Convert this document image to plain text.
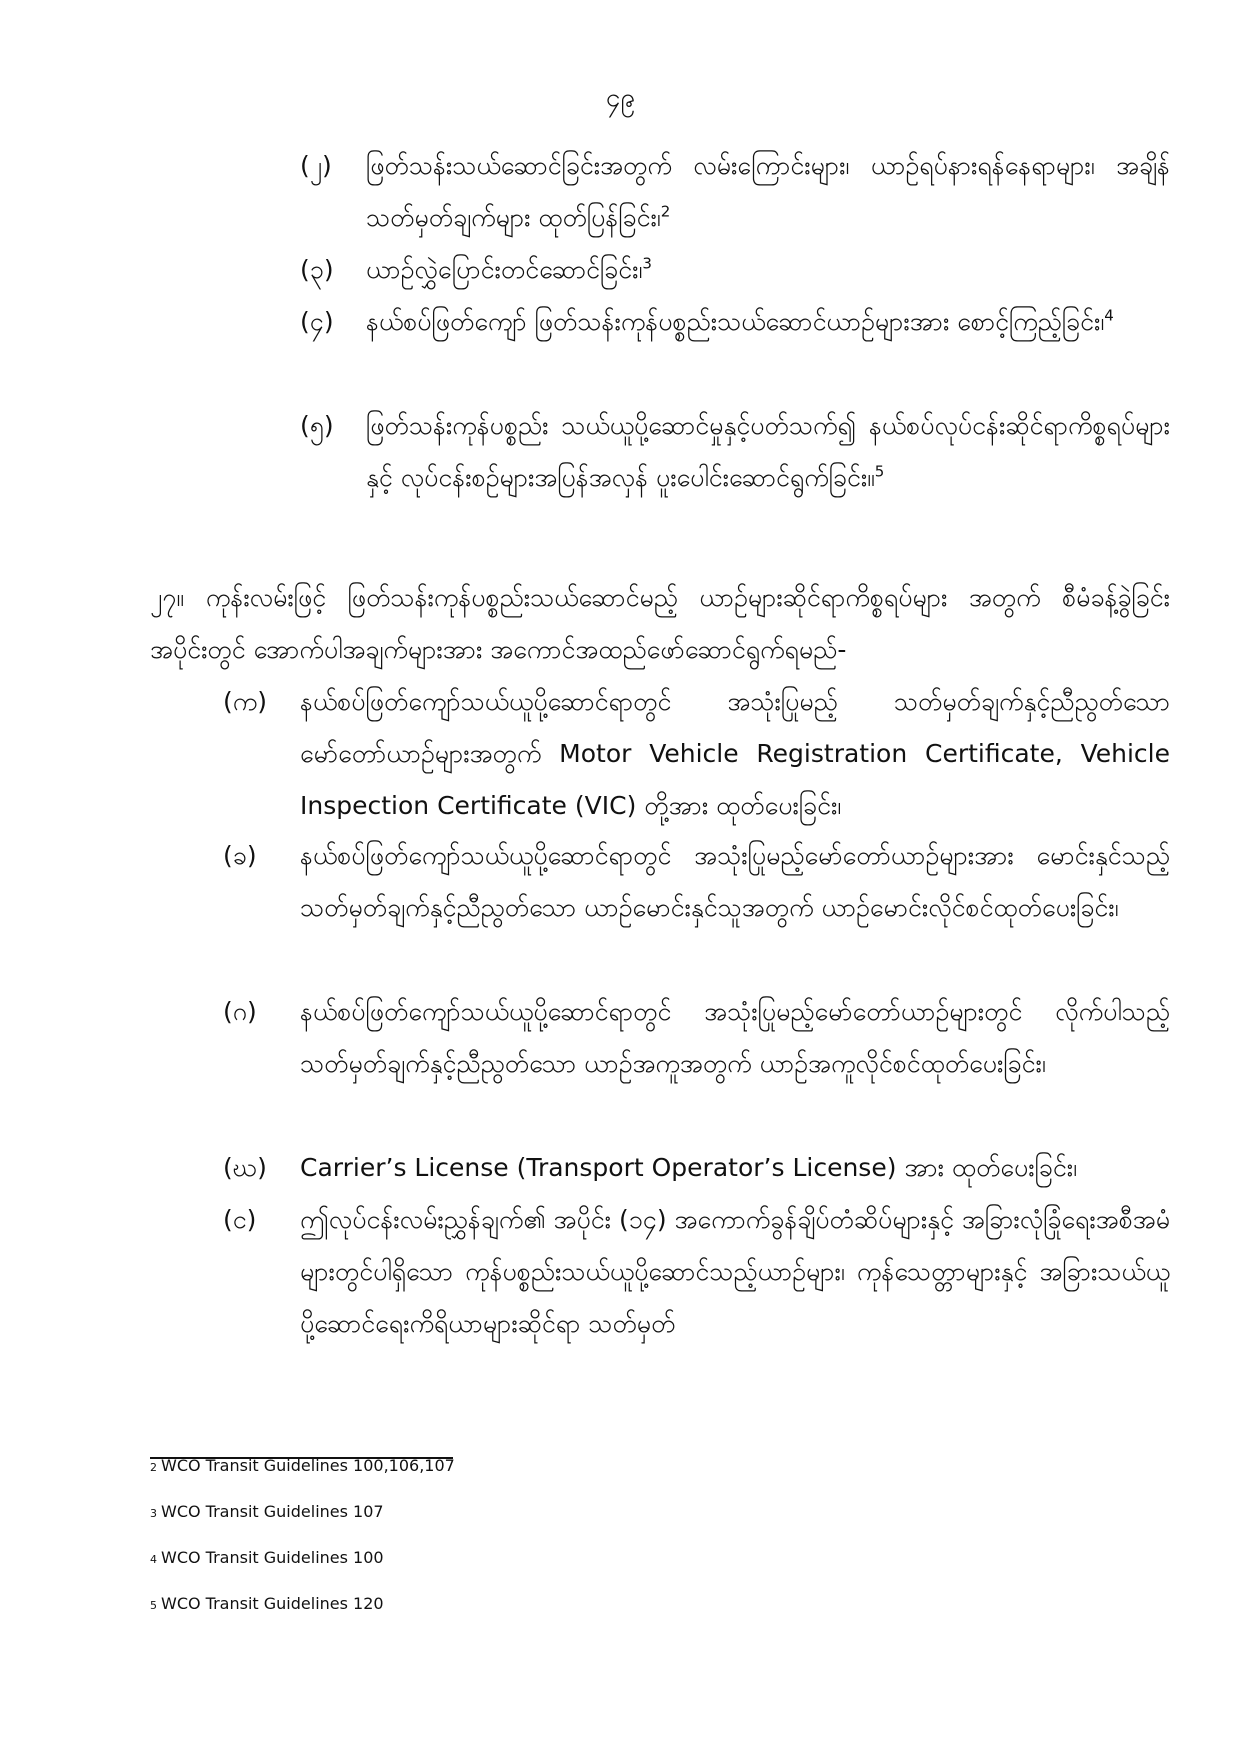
၄၉
(၂)	ဖြတ်သန်းသယ်ဆောင်ခြင်းအတွက် လမ်းကြောင်းများ၊ ယာဉ်ရပ်နားရန်နေရာများ၊ အချိန်သတ်မှတ်ချက်များ ထုတ်ပြန်ခြင်း၊$^2$
(၃)	ယာဉ်လွှဲပြောင်းတင်ဆောင်ခြင်း၊$^3$
(၄)	နယ်စပ်ဖြတ်ကျော် ဖြတ်သန်းကုန်ပစ္စည်းသယ်ဆောင်ယာဉ်များအား စောင့်ကြည့်ခြင်း၊$^4$
(၅)	ဖြတ်သန်းကုန်ပစ္စည်း သယ်ယူပို့ဆောင်မှုနှင့်ပတ်သက်၍ နယ်စပ်လုပ်ငန်းဆိုင်ရာကိစ္စရပ်များနှင့် လုပ်ငန်းစဉ်များအပြန်အလှန် ပူးပေါင်းဆောင်ရွက်ခြင်း။$^5$
၂၇။ ကုန်းလမ်းဖြင့် ဖြတ်သန်းကုန်ပစ္စည်းသယ်ဆောင်မည့် ယာဉ်များဆိုင်ရာကိစ္စရပ်များ အတွက် စီမံခန့်ခွဲခြင်းအပိုင်းတွင် အောက်ပါအချက်များအား အကောင်အထည်ဖော်ဆောင်ရွက်ရမည်-
(က)	နယ်စပ်ဖြတ်ကျော်သယ်ယူပို့ဆောင်ရာတွင် အသုံးပြုမည့် သတ်မှတ်ချက်နှင့်ညီညွတ်သော မော်တော်ယာဉ်များအတွက် Motor Vehicle Registration Certificate, Vehicle Inspection Certificate (VIC) တို့အား ထုတ်ပေးခြင်း၊
(ခ)	နယ်စပ်ဖြတ်ကျော်သယ်ယူပို့ဆောင်ရာတွင် အသုံးပြုမည့်မော်တော်ယာဉ်များအား မောင်းနှင်သည့် သတ်မှတ်ချက်နှင့်ညီညွတ်သော ယာဉ်မောင်းနှင်သူအတွက် ယာဉ်မောင်းလိုင်စင်ထုတ်ပေးခြင်း၊
(ဂ)	နယ်စပ်ဖြတ်ကျော်သယ်ယူပို့ဆောင်ရာတွင် အသုံးပြုမည့်မော်တော်ယာဉ်များတွင် လိုက်ပါသည့် သတ်မှတ်ချက်နှင့်ညီညွတ်သော ယာဉ်အကူအတွက် ယာဉ်အကူလိုင်စင်ထုတ်ပေးခြင်း၊
(ဃ)	Carrier’s License (Transport Operator’s License) အား ထုတ်ပေးခြင်း၊
(င)	ဤလုပ်ငန်းလမ်းညွှန်ချက်၏ အပိုင်း (၁၄) အကောက်ခွန်ချိပ်တံဆိပ်များနှင့် အခြားလုံခြုံရေးအစီအမံများတွင်ပါရှိသော ကုန်ပစ္စည်းသယ်ယူပို့ဆောင်သည့်ယာဉ်များ၊ ကုန်သေတ္တာများနှင့် အခြားသယ်ယူပို့ဆောင်ရေးကိရိယာများဆိုင်ရာ သတ်မှတ်
2 WCO Transit Guidelines 100,106,107
3 WCO Transit Guidelines 107
4 WCO Transit Guidelines 100
5 WCO Transit Guidelines 120
